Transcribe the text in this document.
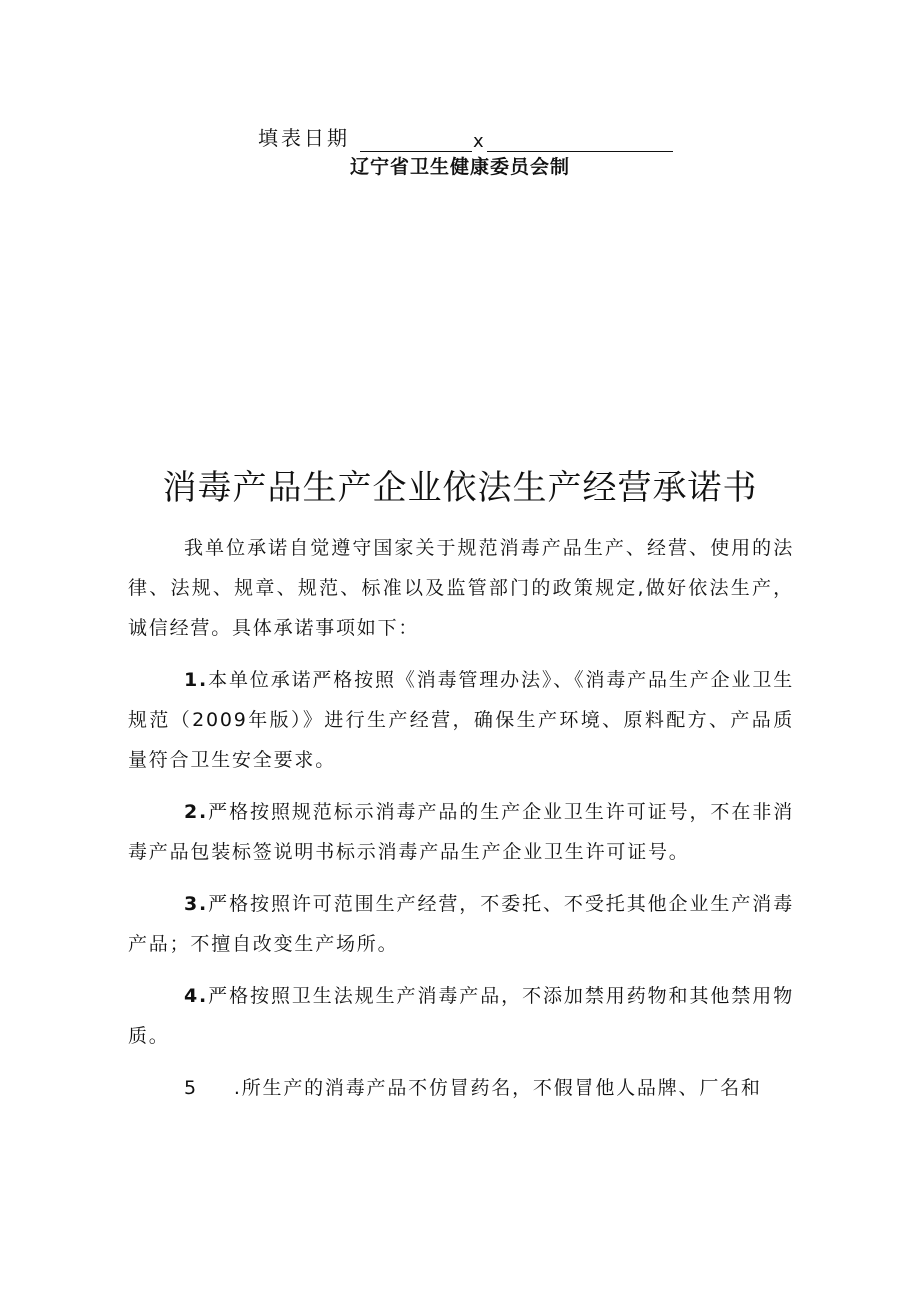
填表日期	x
辽宁省卫生健康委员会制
消毒产品生产企业依法生产经营承诺书

我单位承诺自觉遵守国家关于规范消毒产品生产、经营、使用的法律、法规、规章、规范、标准以及监管部门的政策规定,做好依法生产，诚信经营。具体承诺事项如下：

1.本单位承诺严格按照《消毒管理办法》、《消毒产品生产企业卫生规范（2009年版）》进行生产经营，确保生产环境、原料配方、产品质量符合卫生安全要求。

2.严格按照规范标示消毒产品的生产企业卫生许可证号，不在非消毒产品包装标签说明书标示消毒产品生产企业卫生许可证号。

3.严格按照许可范围生产经营，不委托、不受托其他企业生产消毒产品；不擅自改变生产场所。

4.严格按照卫生法规生产消毒产品，不添加禁用药物和其他禁用物质。

5 .所生产的消毒产品不仿冒药名，不假冒他人品牌、厂名和
